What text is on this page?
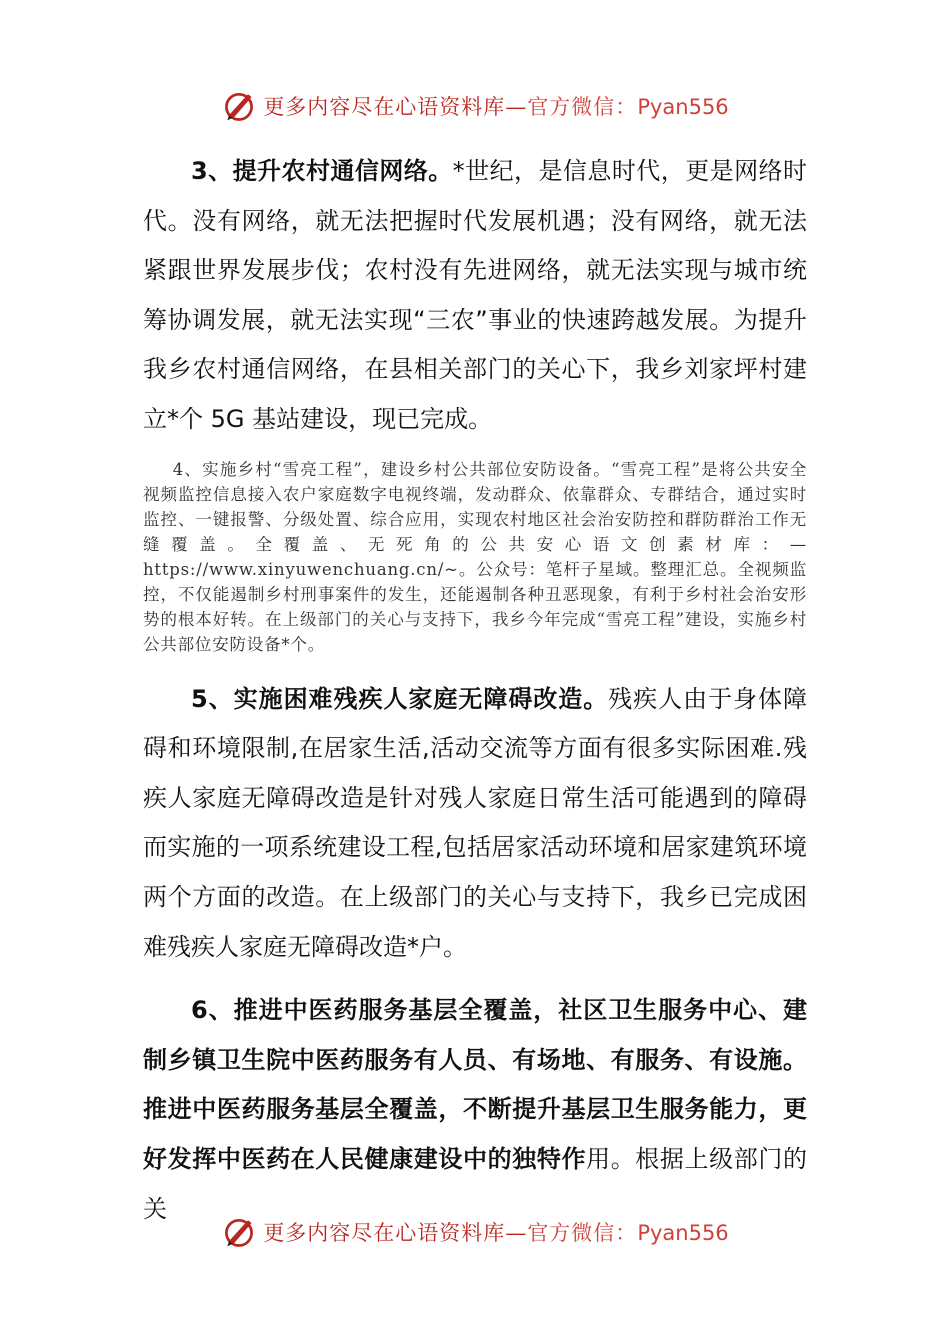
更多内容尽在心语资料库—官方微信：Pyan556

3、提升农村通信网络。*世纪，是信息时代，更是网络时代。没有网络，就无法把握时代发展机遇；没有网络，就无法紧跟世界发展步伐；农村没有先进网络，就无法实现与城市统筹协调发展，就无法实现“三农”事业的快速跨越发展。为提升我乡农村通信网络，在县相关部门的关心下，我乡刘家坪村建立*个 5G 基站建设，现已完成。

4、实施乡村“雪亮工程”，建设乡村公共部位安防设备。“雪亮工程”是将公共安全视频监控信息接入农户家庭数字电视终端，发动群众、依靠群众、专群结合，通过实时监控、一键报警、分级处置、综合应用，实现农村地区社会治安防控和群防群治工作无缝覆盖。全覆盖、无死角的公共安心语文创素材库：—https://www.xinyuwenchuang.cn/~。公众号：笔杆子星域。整理汇总。全视频监控，不仅能遏制乡村刑事案件的发生，还能遏制各种丑恶现象，有利于乡村社会治安形势的根本好转。在上级部门的关心与支持下，我乡今年完成“雪亮工程”建设，实施乡村公共部位安防设备*个。

5、实施困难残疾人家庭无障碍改造。残疾人由于身体障碍和环境限制,在居家生活,活动交流等方面有很多实际困难.残疾人家庭无障碍改造是针对残人家庭日常生活可能遇到的障碍而实施的一项系统建设工程,包括居家活动环境和居家建筑环境两个方面的改造。在上级部门的关心与支持下，我乡已完成困难残疾人家庭无障碍改造*户。

6、推进中医药服务基层全覆盖，社区卫生服务中心、建制乡镇卫生院中医药服务有人员、有场地、有服务、有设施。推进中医药服务基层全覆盖，不断提升基层卫生服务能力，更好发挥中医药在人民健康建设中的独特作用。根据上级部门的关

更多内容尽在心语资料库—官方微信：Pyan556
